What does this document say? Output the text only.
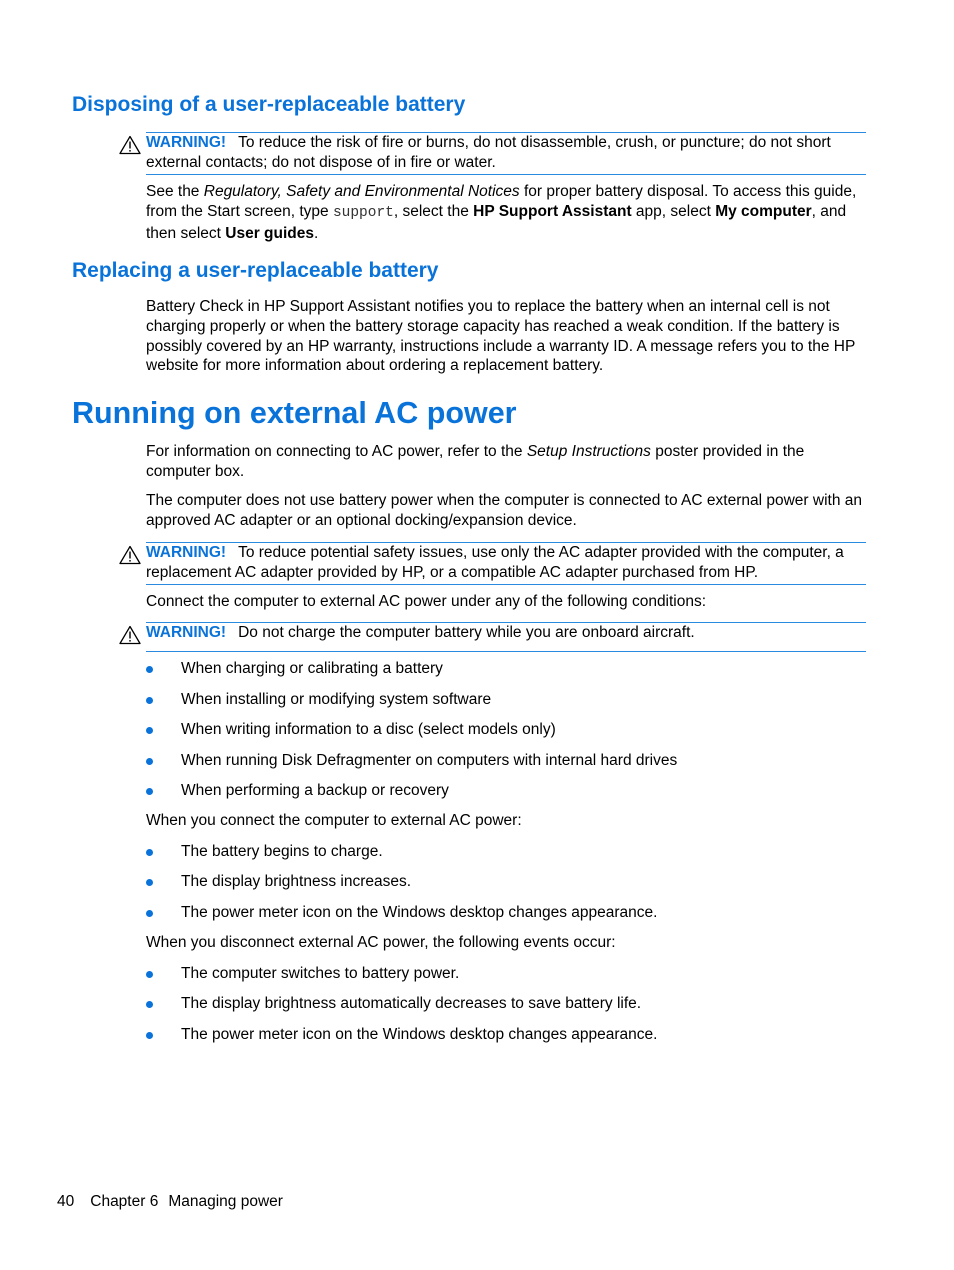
Disposing of a user-replaceable battery
WARNING! To reduce the risk of fire or burns, do not disassemble, crush, or puncture; do not short external contacts; do not dispose of in fire or water.

See the Regulatory, Safety and Environmental Notices for proper battery disposal. To access this guide, from the Start screen, type support, select the HP Support Assistant app, select My computer, and then select User guides.

Replacing a user-replaceable battery

Battery Check in HP Support Assistant notifies you to replace the battery when an internal cell is not charging properly or when the battery storage capacity has reached a weak condition. If the battery is possibly covered by an HP warranty, instructions include a warranty ID. A message refers you to the HP website for more information about ordering a replacement battery.

Running on external AC power

For information on connecting to AC power, refer to the Setup Instructions poster provided in the computer box.

The computer does not use battery power when the computer is connected to AC external power with an approved AC adapter or an optional docking/expansion device.

WARNING! To reduce potential safety issues, use only the AC adapter provided with the computer, a replacement AC adapter provided by HP, or a compatible AC adapter purchased from HP.

Connect the computer to external AC power under any of the following conditions:

WARNING! Do not charge the computer battery while you are onboard aircraft.
When charging or calibrating a battery
When installing or modifying system software
When writing information to a disc (select models only)
When running Disk Defragmenter on computers with internal hard drives
When performing a backup or recovery

When you connect the computer to external AC power:

The battery begins to charge.
The display brightness increases.
The power meter icon on the Windows desktop changes appearance.

When you disconnect external AC power, the following events occur:

The computer switches to battery power.
The display brightness automatically decreases to save battery life.
The power meter icon on the Windows desktop changes appearance.
40 Chapter 6 Managing power
